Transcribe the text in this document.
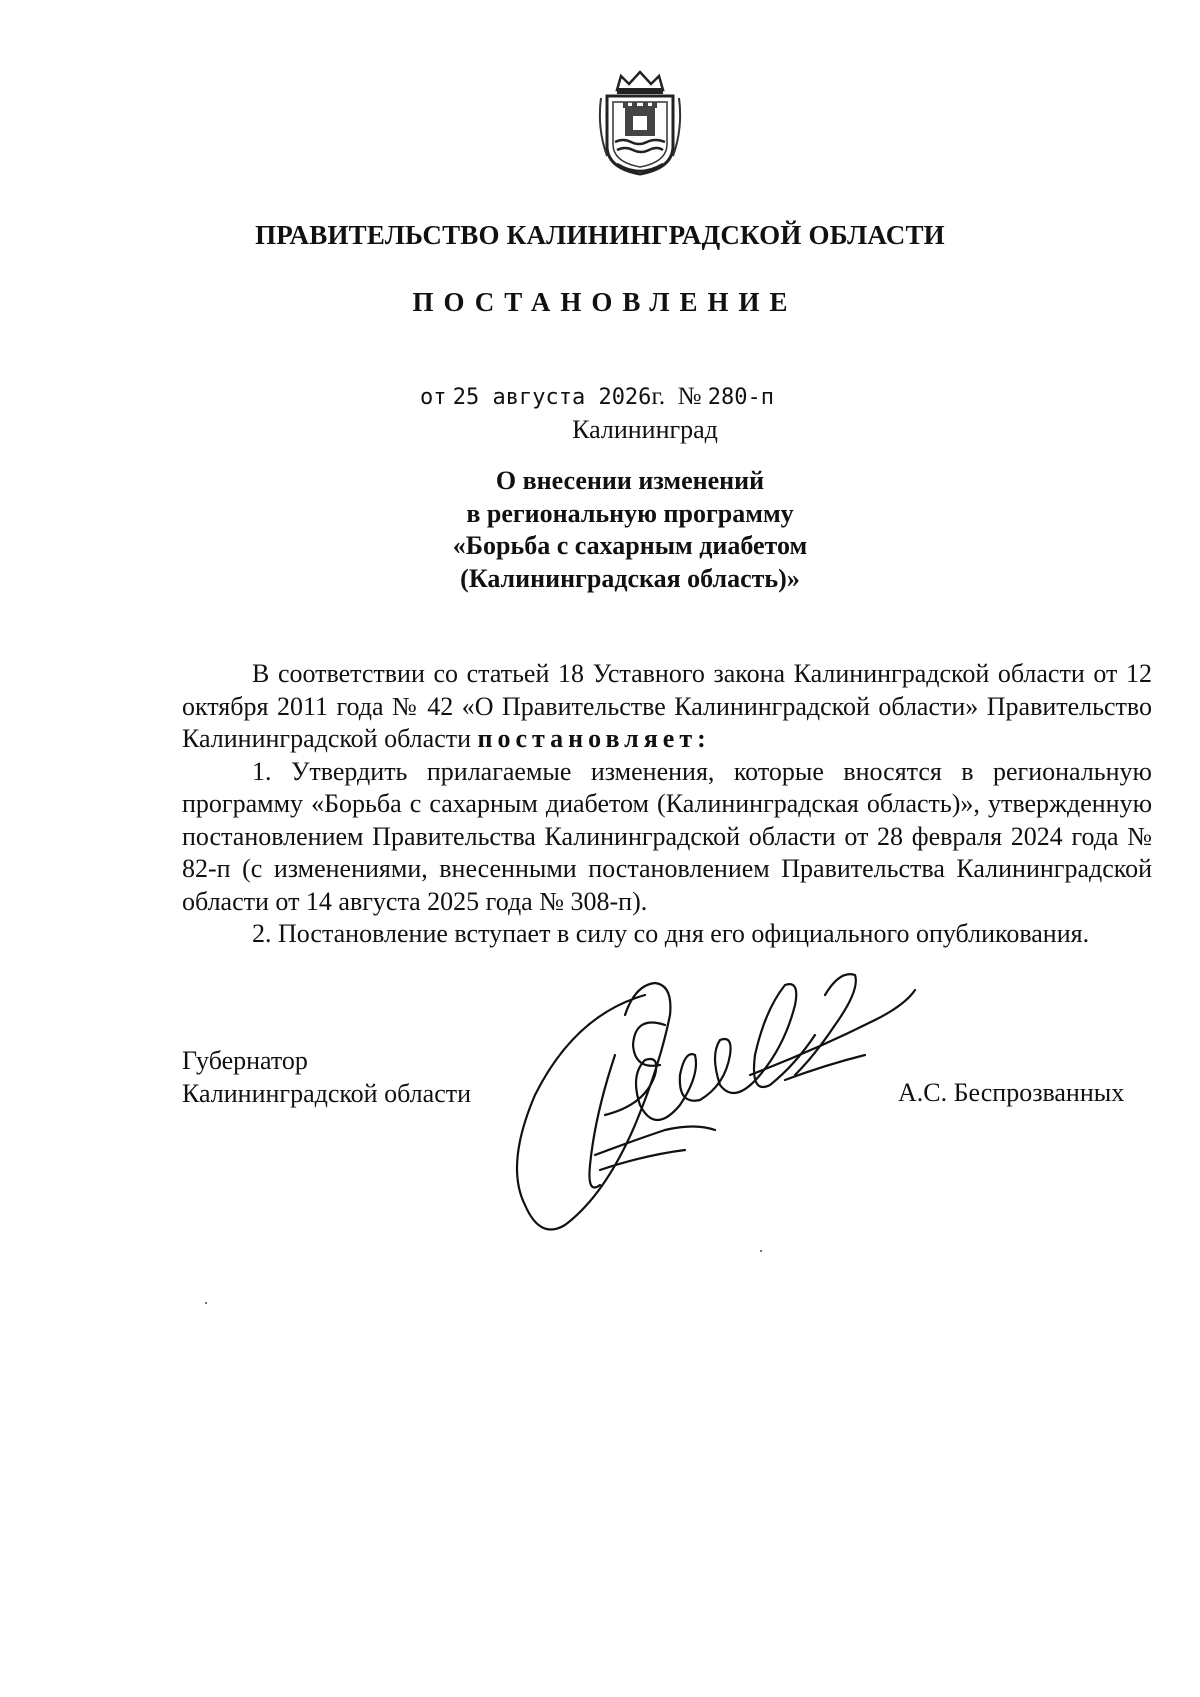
ПРАВИТЕЛЬСТВО КАЛИНИНГРАДСКОЙ ОБЛАСТИ
ПОСТАНОВЛЕНИЕ
от 25 августа 2026г. № 280-п
Калининград
О внесении изменений
в региональную программу
«Борьба с сахарным диабетом
(Калининградская область)»

В соответствии со статьей 18 Уставного закона Калининградской области от 12 октября 2011 года № 42 «О Правительстве Калининградской области» Правительство Калининградской области постановляет:

1. Утвердить прилагаемые изменения, которые вносятся в региональную программу «Борьба с сахарным диабетом (Калининградская область)», утвержденную постановлением Правительства Калининградской области от 28 февраля 2024 года № 82-п (с изменениями, внесенными постановлением Правительства Калининградской области от 14 августа 2025 года № 308-п).

2. Постановление вступает в силу со дня его официального опубликования.

Губернатор
Калининградской области	А.С. Беспрозванных
